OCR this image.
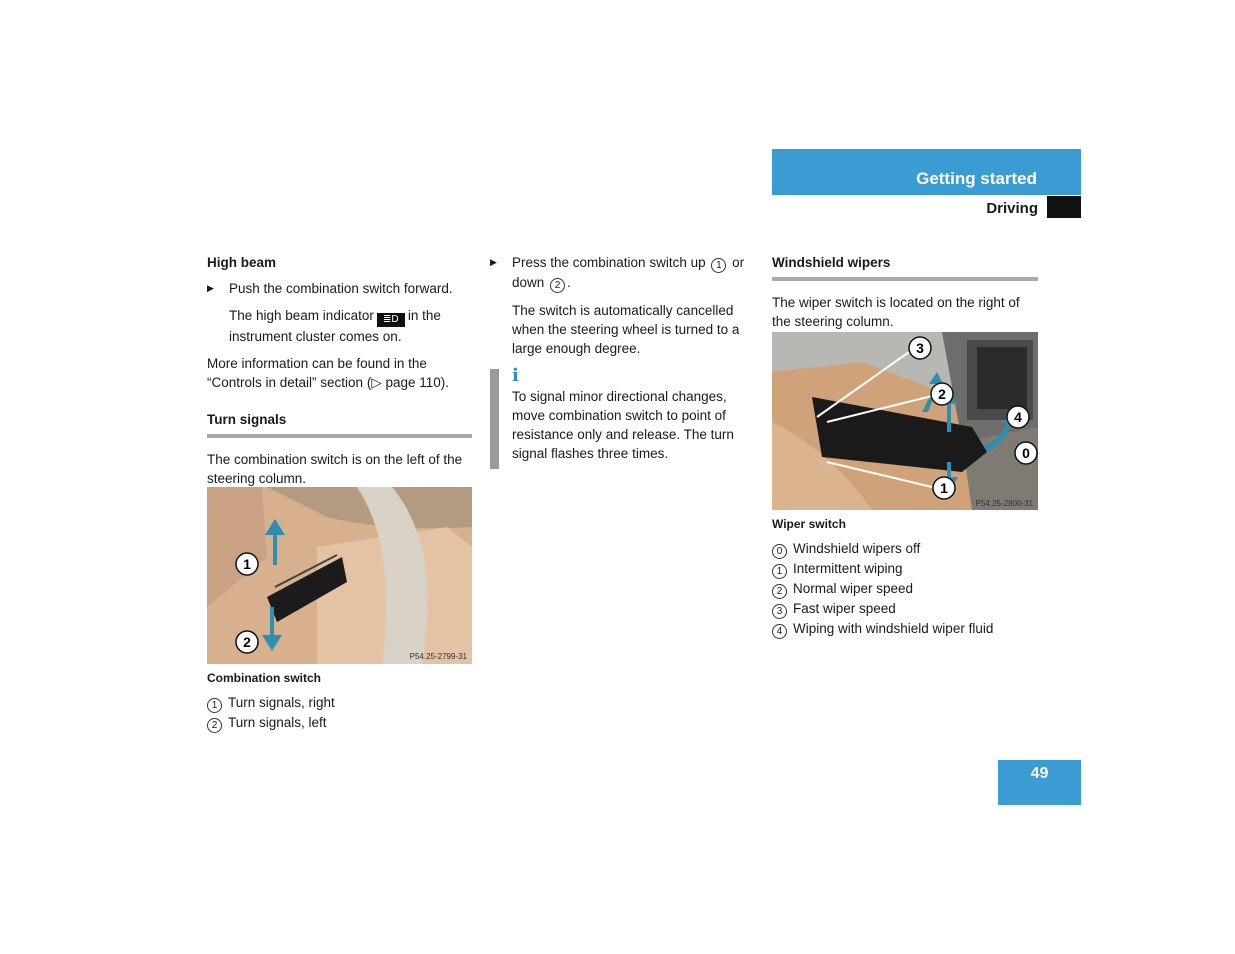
Getting started
Driving

High beam

▶ Push the combination switch forward.

The high beam indicator ≣D in the instrument cluster comes on.

More information can be found in the “Controls in detail” section (▷ page 110).

Turn signals

The combination switch is on the left of the steering column.

1
2
P54.25-2799-31

Combination switch

1 Turn signals, right

2 Turn signals, left

▶ Press the combination switch up 1 or down 2 .

The switch is automatically cancelled when the steering wheel is turned to a large enough degree.

i

To signal minor directional changes, move combination switch to point of resistance only and release. The turn signal flashes three times.

Windshield wipers

The wiper switch is located on the right of the steering column.

3
2
4
0
1
P54.25-2800-31

Wiper switch

0 Windshield wipers off

1 Intermittent wiping

2 Normal wiper speed

3 Fast wiper speed

4 Wiping with windshield wiper fluid

49
